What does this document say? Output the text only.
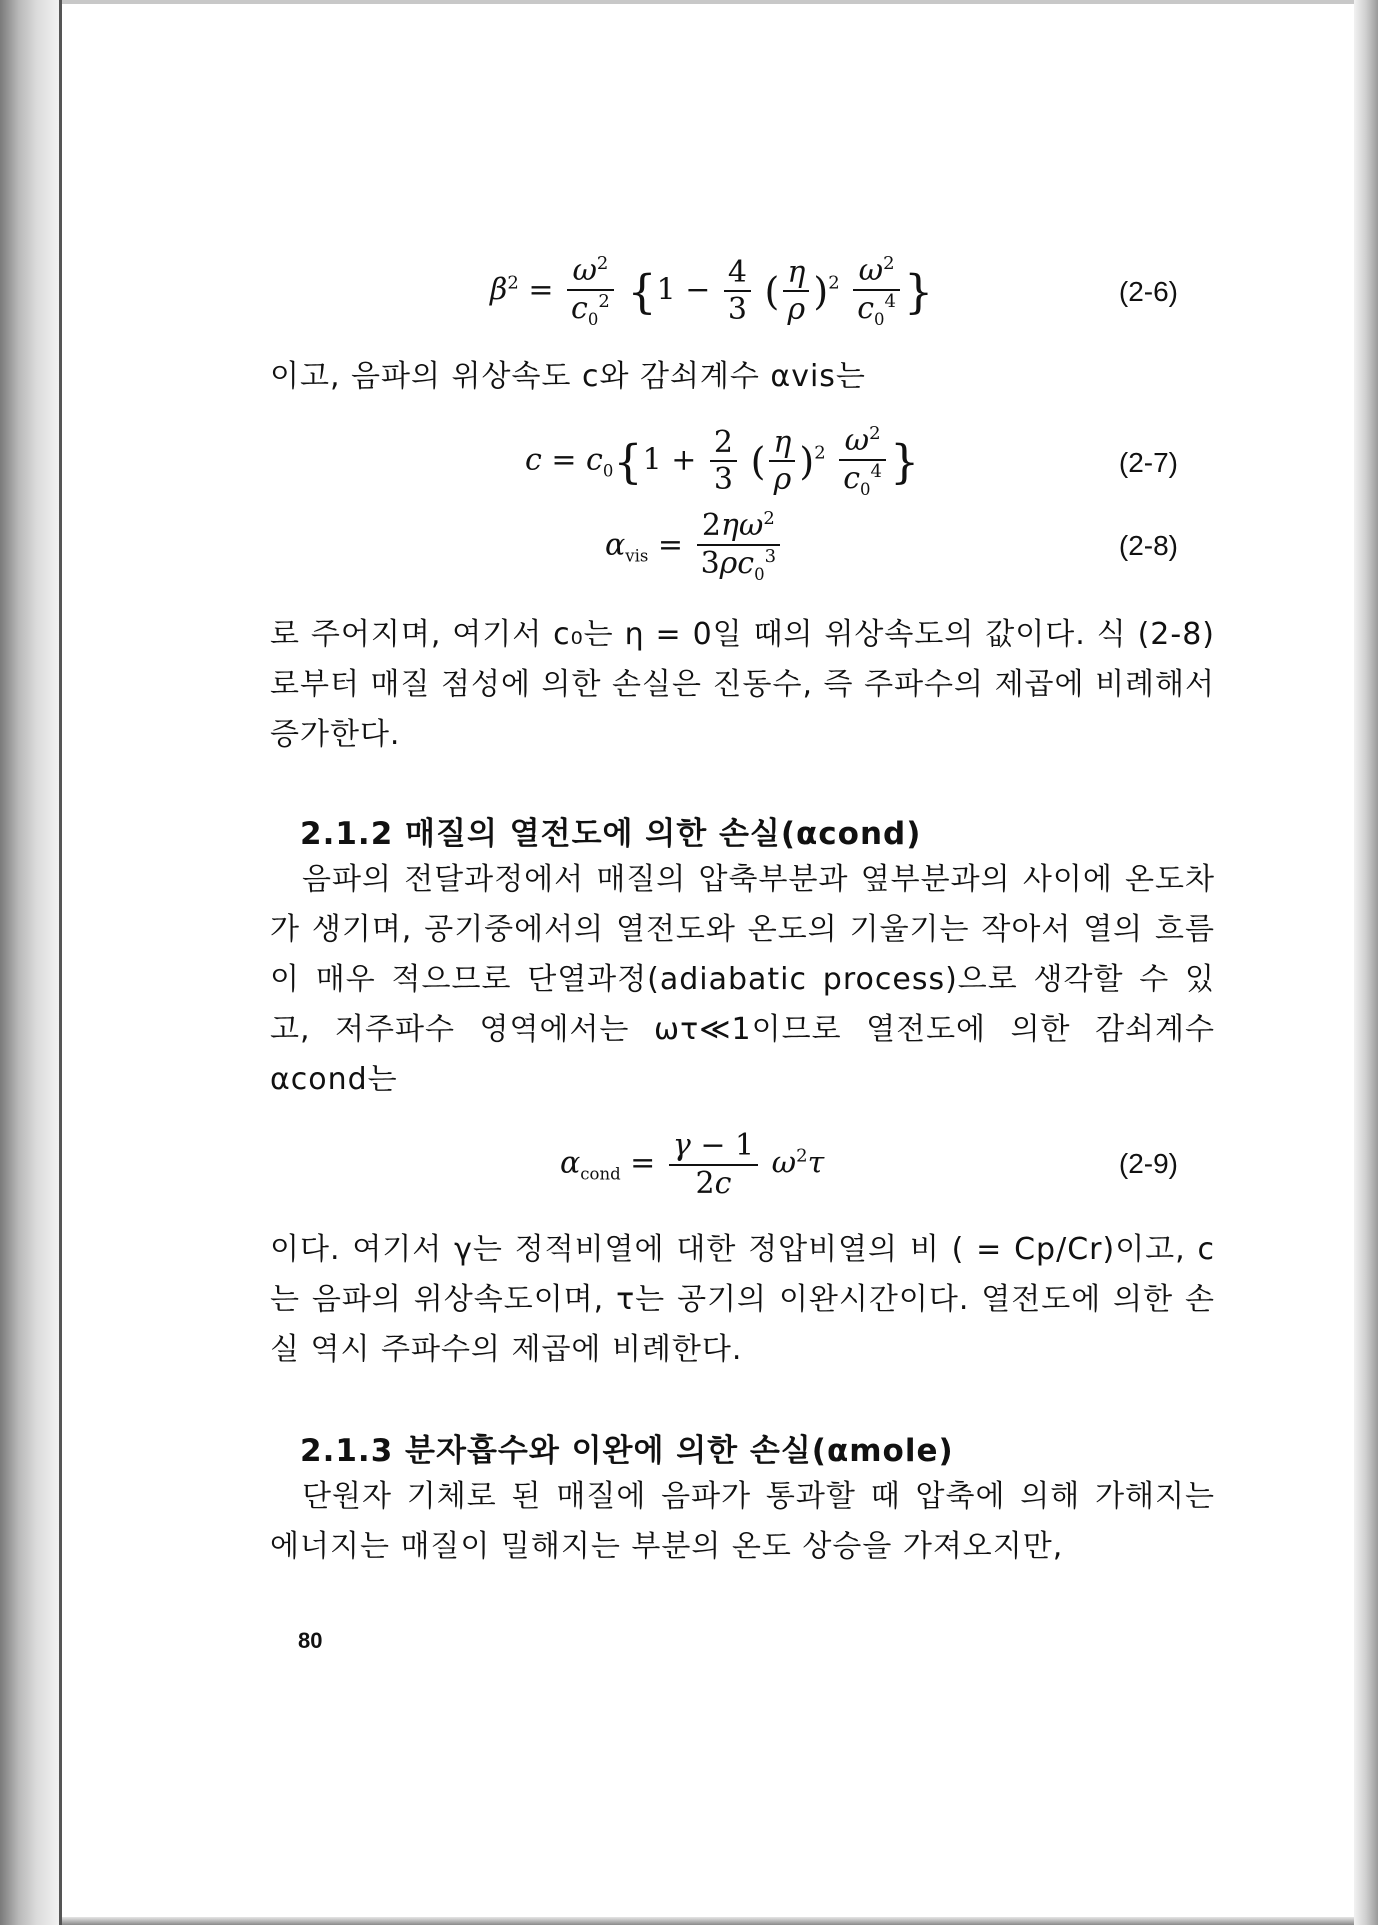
$\beta^2 = \frac{\omega^2}{c_0^2} \{1 - \frac{4}{3}$ ( $\frac{\eta}{\rho} )^2 \frac{\omega^2}{c_0^4}$ }	(2-6)
이고, 음파의 위상속도 c와 감쇠계수 αvis는
$c = c_0\{1 + \frac{2}{3}$ ( $\frac{\eta}{\rho} )^2 \frac{\omega^2}{c_0^4}$ }	(2-7)
$\alpha_{vis} = \frac{2\eta\omega^2}{3\rho c_0^3}$	(2-8)
로 주어지며, 여기서 c₀는 η = 0일 때의 위상속도의 값이다. 식 (2-8)로부터 매질 점성에 의한 손실은 진동수, 즉 주파수의 제곱에 비례해서 증가한다.
2.1.2 매질의 열전도에 의한 손실(αcond)
음파의 전달과정에서 매질의 압축부분과 옆부분과의 사이에 온도차가 생기며, 공기중에서의 열전도와 온도의 기울기는 작아서 열의 흐름이 매우 적으므로 단열과정(adiabatic process)으로 생각할 수 있고, 저주파수 영역에서는 ωτ≪1이므로 열전도에 의한 감쇠계수 αcond는
$\alpha_{cond} = \frac{\gamma - 1}{2c} \omega^2\tau$	(2-9)
이다. 여기서 γ는 정적비열에 대한 정압비열의 비 ( = Cp/Cr)이고, c는 음파의 위상속도이며, τ는 공기의 이완시간이다. 열전도에 의한 손실 역시 주파수의 제곱에 비례한다.
2.1.3 분자흡수와 이완에 의한 손실(αmole)
단원자 기체로 된 매질에 음파가 통과할 때 압축에 의해 가해지는 에너지는 매질이 밀해지는 부분의 온도 상승을 가져오지만,
80
